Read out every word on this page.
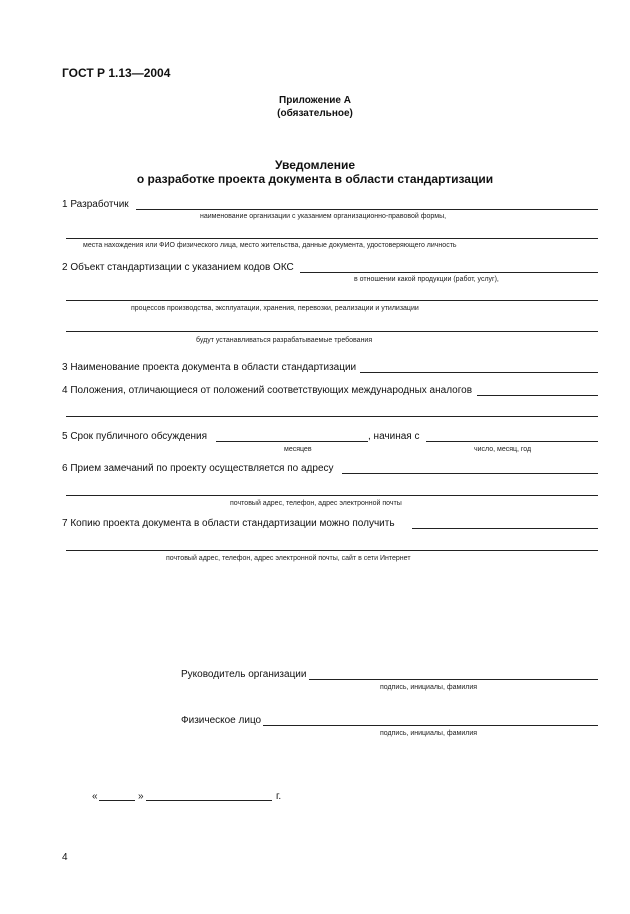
ГОСТ Р 1.13—2004
Приложение А
(обязательное)
Уведомление
о разработке проекта документа в области стандартизации
1 Разработчик
наименование организации с указанием организационно-правовой формы,
места нахождения или ФИО физического лица, место жительства, данные документа, удостоверяющего личность
2 Объект стандартизации с указанием кодов ОКС
в отношении какой продукции (работ, услуг),
процессов производства, эксплуатации, хранения, перевозки, реализации и утилизации
будут устанавливаться разрабатываемые требования
3 Наименование проекта документа в области стандартизации
4 Положения, отличающиеся от положений соответствующих международных аналогов
5 Срок публичного обсуждения	, начиная с
месяцев	число, месяц, год
6 Прием замечаний по проекту осуществляется по адресу
почтовый адрес, телефон, адрес электронной почты
7 Копию проекта документа в области стандартизации можно получить
почтовый адрес, телефон, адрес электронной почты, сайт в сети Интернет
Руководитель организации
подпись, инициалы, фамилия
Физическое лицо
подпись, инициалы, фамилия
«	»	г.
4
